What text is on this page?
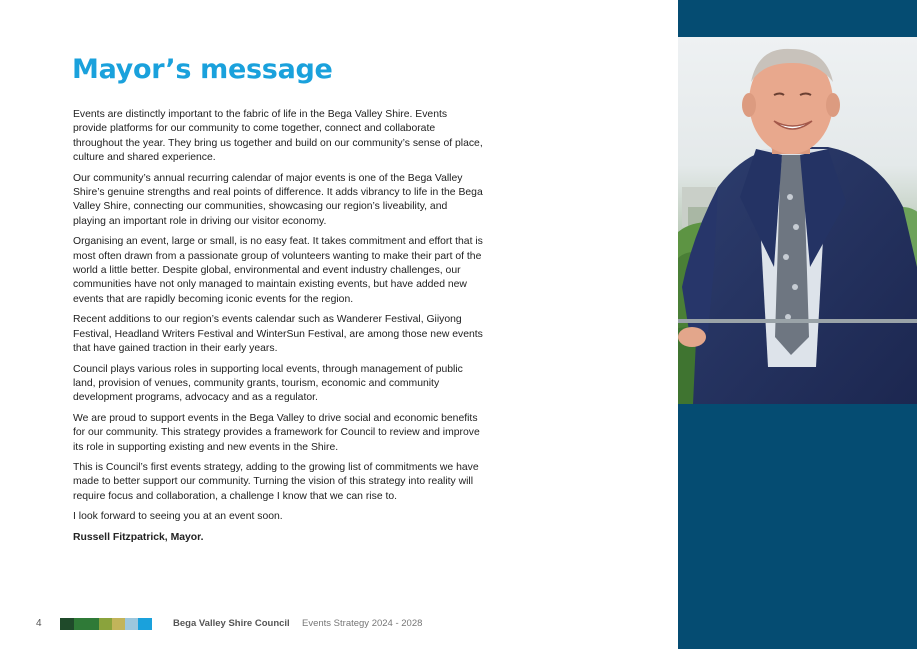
Mayor’s message

Events are distinctly important to the fabric of life in the Bega Valley Shire. Events provide platforms for our community to come together, connect and collaborate throughout the year. They bring us together and build on our community’s sense of place, culture and shared experience.

Our community’s annual recurring calendar of major events is one of the Bega Valley Shire’s genuine strengths and real points of difference. It adds vibrancy to life in the Bega Valley Shire, connecting our communities, showcasing our region’s liveability, and playing an important role in driving our visitor economy.

Organising an event, large or small, is no easy feat. It takes commitment and effort that is most often drawn from a passionate group of volunteers wanting to make their part of the world a little better. Despite global, environmental and event industry challenges, our communities have not only managed to maintain existing events, but have added new events that are rapidly becoming iconic events for the region.

Recent additions to our region’s events calendar such as Wanderer Festival, Giiyong Festival, Headland Writers Festival and WinterSun Festival, are among those new events that have gained traction in their early years.

Council plays various roles in supporting local events, through management of public land, provision of venues, community grants, tourism, economic and community development programs, advocacy and as a regulator.

We are proud to support events in the Bega Valley to drive social and economic benefits for our community. This strategy provides a framework for Council to review and improve its role in supporting existing and new events in the Shire.

This is Council’s first events strategy, adding to the growing list of commitments we have made to better support our community. Turning the vision of this strategy into reality will require focus and collaboration, a challenge I know that we can rise to.

I look forward to seeing you at an event soon.

Russell Fitzpatrick, Mayor.

4	Bega Valley Shire Council Events Strategy 2024 - 2028
